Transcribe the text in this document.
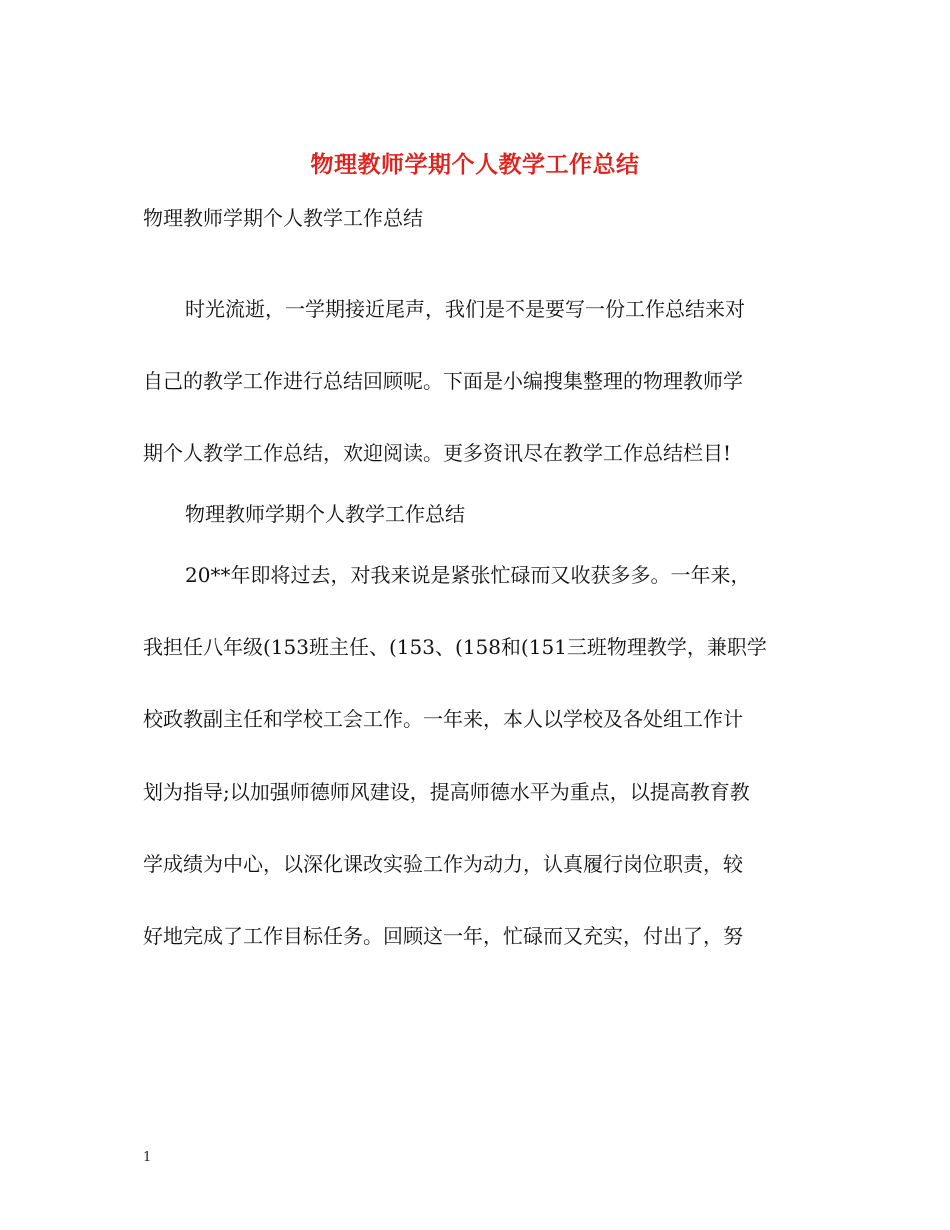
物理教师学期个人教学工作总结
物理教师学期个人教学工作总结
时光流逝，一学期接近尾声，我们是不是要写一份工作总结来对
自己的教学工作进行总结回顾呢。下面是小编搜集整理的物理教师学
期个人教学工作总结，欢迎阅读。更多资讯尽在教学工作总结栏目!
物理教师学期个人教学工作总结
20**年即将过去，对我来说是紧张忙碌而又收获多多。一年来，
我担任八年级(153班主任、(153、(158和(151三班物理教学，兼职学
校政教副主任和学校工会工作。一年来，本人以学校及各处组工作计
划为指导;以加强师德师风建设，提高师德水平为重点，以提高教育教
学成绩为中心，以深化课改实验工作为动力，认真履行岗位职责，较
好地完成了工作目标任务。回顾这一年，忙碌而又充实，付出了，努
1
